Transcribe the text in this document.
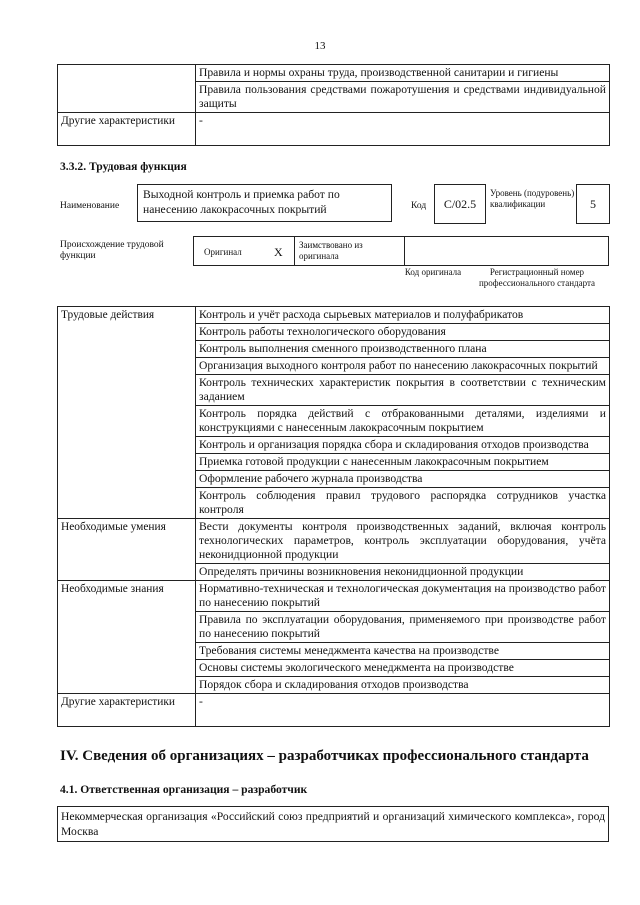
13
	Правила и нормы охраны труда, производственной санитарии и гигиены
	Правила пользования средствами пожаротушения и средствами индивидуальной защиты
Другие характеристики	-
3.3.2. Трудовая функция
Наименование
Выходной контроль и приемка работ по нанесению лакокрасочных покрытий	Код	C/02.5
Уровень (подуровень) квалификации	5
Происхождение трудовой функции	Оригинал	X Заимствовано из оригинала
Код оригинала	Регистрационный номер профессионального стандарта
Трудовые действия	Контроль и учёт расхода сырьевых материалов и полуфабрикатов
	Контроль работы технологического оборудования
	Контроль выполнения сменного производственного плана
	Организация выходного контроля работ по нанесению лакокрасочных покрытий
	Контроль технических характеристик покрытия в соответствии с техническим заданием
	Контроль порядка действий с отбракованными деталями, изделиями и конструкциями с нанесенным лакокрасочным покрытием
	Контроль и организация порядка сбора и складирования отходов производства
	Приемка готовой продукции с нанесенным лакокрасочным покрытием
	Оформление рабочего журнала производства
	Контроль соблюдения правил трудового распорядка сотрудников участка контроля
Необходимые умения	Вести документы контроля производственных заданий, включая контроль технологических параметров, контроль эксплуатации оборудования, учёта неконидционной продукции
	Определять причины возникновения неконидционной продукции
Необходимые знания	Нормативно-техническая и технологическая документация на производство работ по нанесению покрытий
	Правила по эксплуатации оборудования, применяемого при производстве работ по нанесению покрытий
	Требования системы менеджмента качества на производстве
	Основы системы экологического менеджмента на производстве
	Порядок сбора и складирования отходов производства
Другие характеристики	-
IV. Сведения об организациях – разработчиках профессионального стандарта
4.1. Ответственная организация – разработчик
Некоммерческая организация «Российский союз предприятий и организаций химического комплекса», город Москва
